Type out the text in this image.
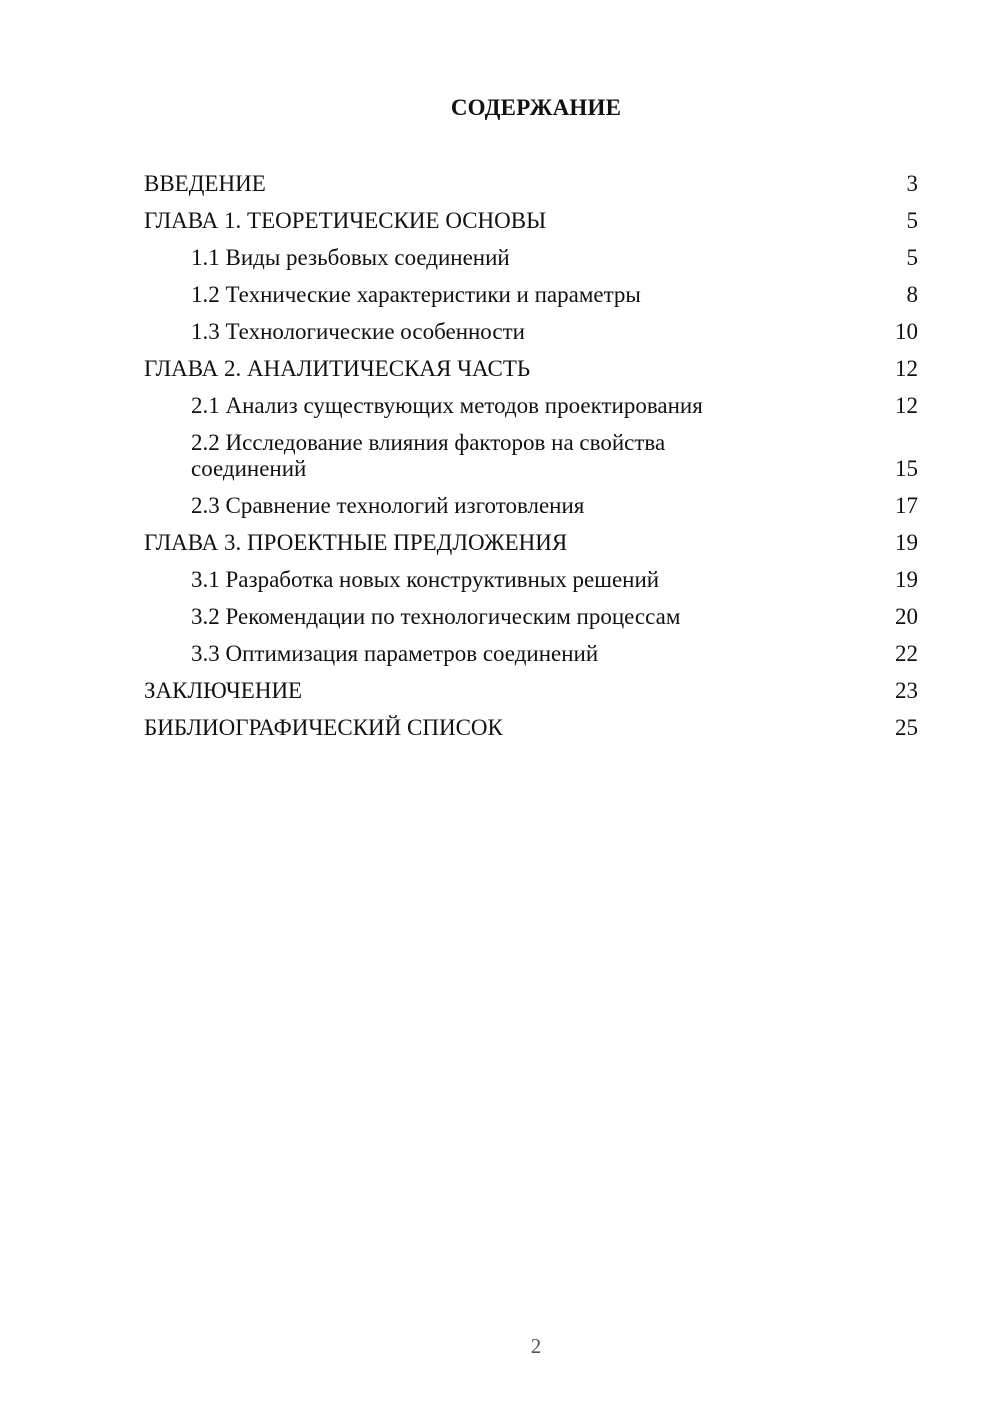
СОДЕРЖАНИЕ
ВВЕДЕНИЕ	3
ГЛАВА 1. ТЕОРЕТИЧЕСКИЕ ОСНОВЫ	5
1.1 Виды резьбовых соединений	5
1.2 Технические характеристики и параметры	8
1.3 Технологические особенности	10
ГЛАВА 2. АНАЛИТИЧЕСКАЯ ЧАСТЬ	12
2.1 Анализ существующих методов проектирования	12
2.2 Исследование влияния факторов на свойства соединений	15
2.3 Сравнение технологий изготовления	17
ГЛАВА 3. ПРОЕКТНЫЕ ПРЕДЛОЖЕНИЯ	19
3.1 Разработка новых конструктивных решений	19
3.2 Рекомендации по технологическим процессам	20
3.3 Оптимизация параметров соединений	22
ЗАКЛЮЧЕНИЕ	23
БИБЛИОГРАФИЧЕСКИЙ СПИСОК	25
2
